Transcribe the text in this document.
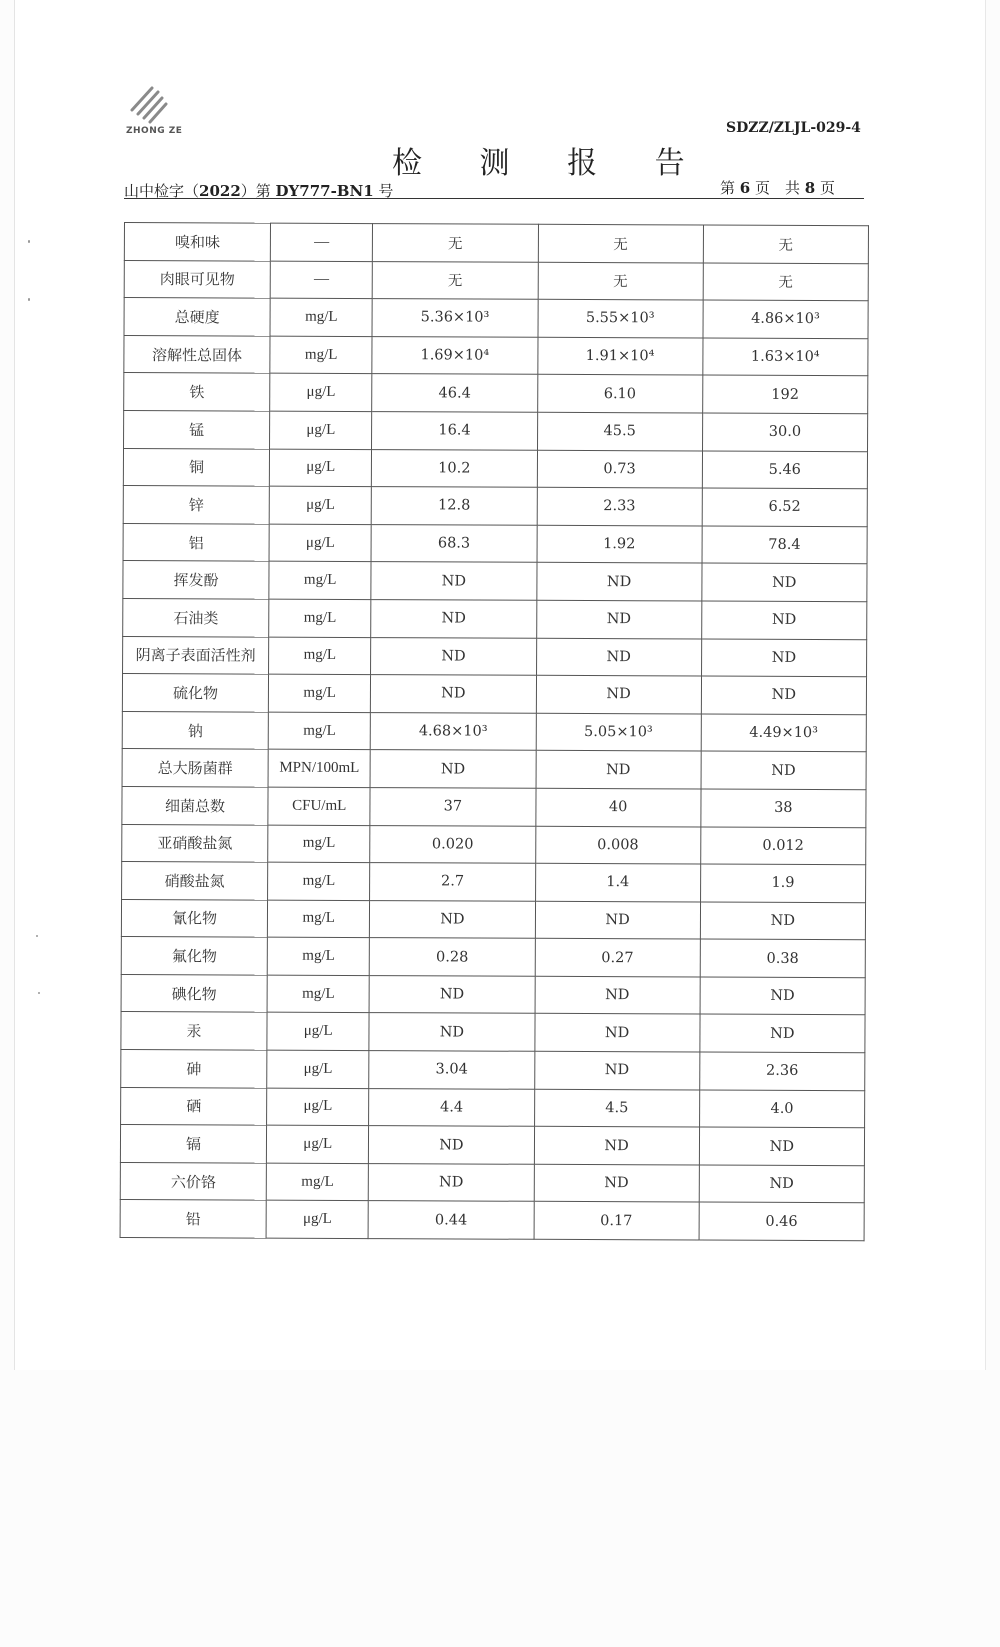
ZHONG ZE	SDZZ/ZLJL-029-4
检 测 报 告
山中检字（2022）第 DY777-BN1 号	第 6 页　共 8 页
嗅和味	—	无	无	无
肉眼可见物	—	无	无	无
总硬度	mg/L	5.36×10³	5.55×10³	4.86×10³
溶解性总固体	mg/L	1.69×10⁴	1.91×10⁴	1.63×10⁴
铁	μg/L	46.4	6.10	192
锰	μg/L	16.4	45.5	30.0
铜	μg/L	10.2	0.73	5.46
锌	μg/L	12.8	2.33	6.52
铝	μg/L	68.3	1.92	78.4
挥发酚	mg/L	ND	ND	ND
石油类	mg/L	ND	ND	ND
阴离子表面活性剂	mg/L	ND	ND	ND
硫化物	mg/L	ND	ND	ND
钠	mg/L	4.68×10³	5.05×10³	4.49×10³
总大肠菌群	MPN/100mL	ND	ND	ND
细菌总数	CFU/mL	37	40	38
亚硝酸盐氮	mg/L	0.020	0.008	0.012
硝酸盐氮	mg/L	2.7	1.4	1.9
氰化物	mg/L	ND	ND	ND
氟化物	mg/L	0.28	0.27	0.38
碘化物	mg/L	ND	ND	ND
汞	μg/L	ND	ND	ND
砷	μg/L	3.04	ND	2.36
硒	μg/L	4.4	4.5	4.0
镉	μg/L	ND	ND	ND
六价铬	mg/L	ND	ND	ND
铅	μg/L	0.44	0.17	0.46
